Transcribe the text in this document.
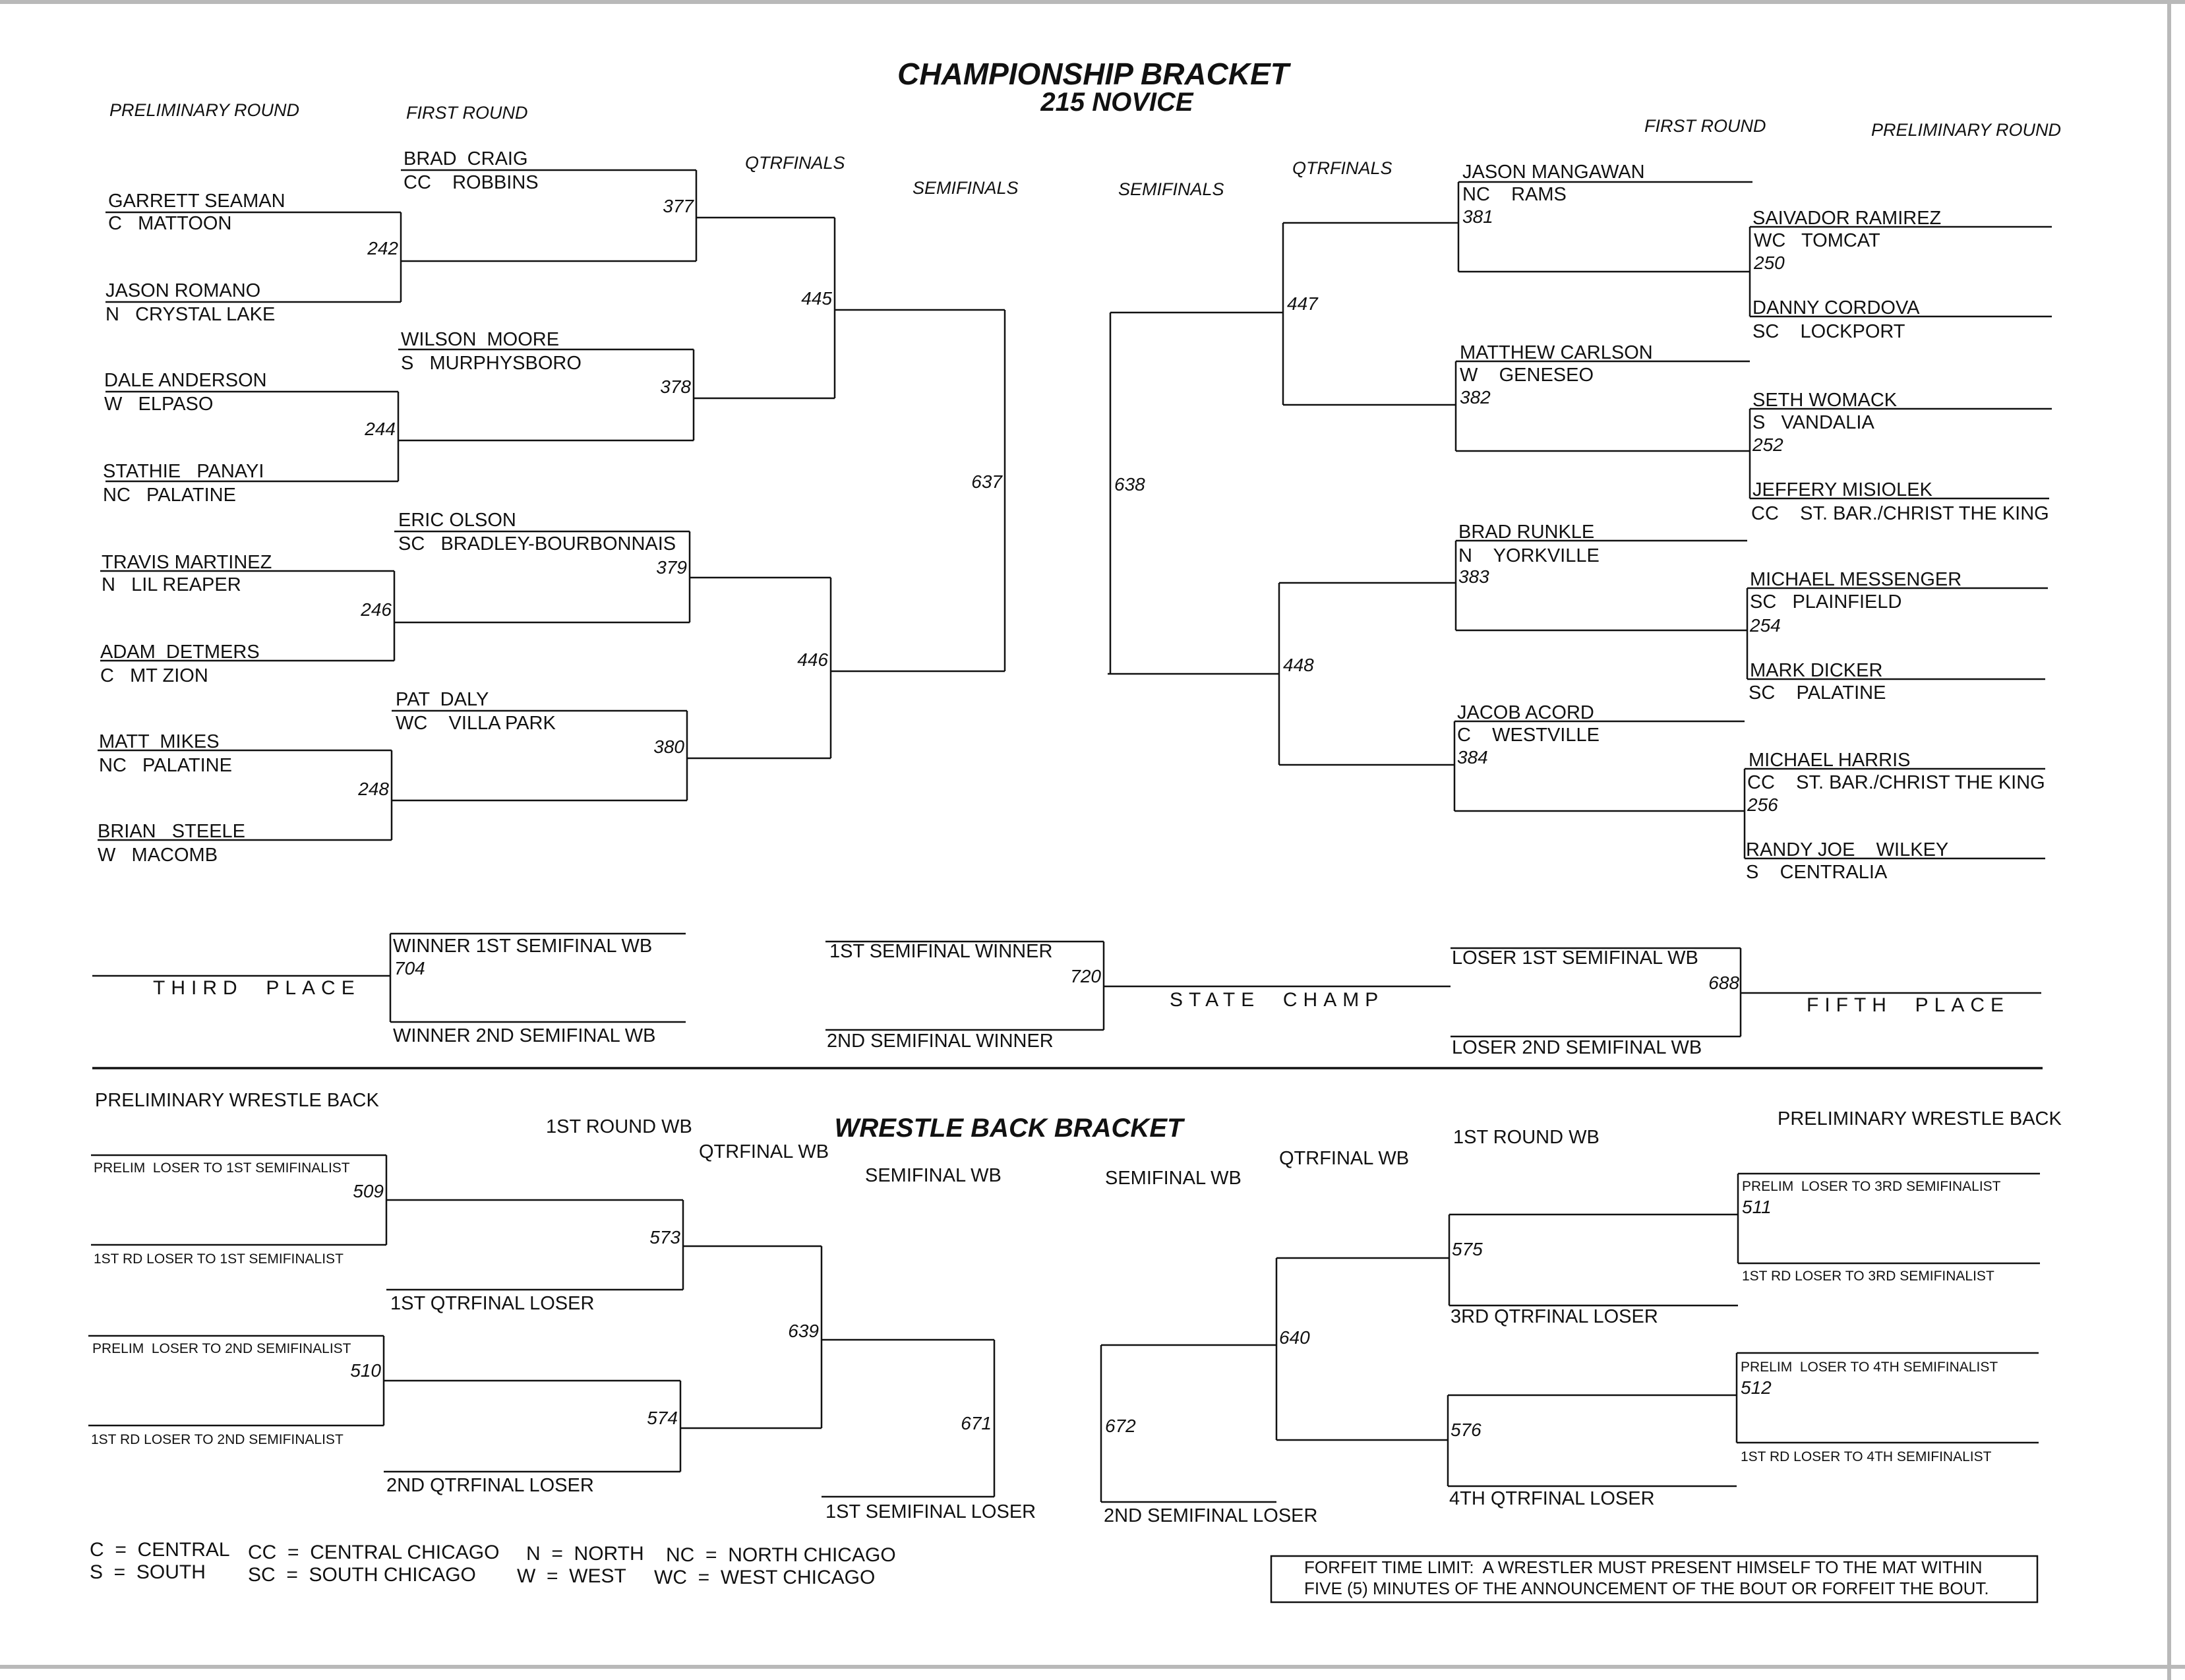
CHAMPIONSHIP BRACKET
215 NOVICE
PRELIMINARY ROUND	FIRST ROUND
QTRFINALS
SEMIFINALS	SEMIFINALS
QTRFINALS
FIRST ROUND	PRELIMINARY ROUND
GARRETT SEAMAN
C   MATTOON
JASON ROMANO
N   CRYSTAL LAKE
DALE ANDERSON
W   ELPASO
STATHIE   PANAYI
NC   PALATINE
TRAVIS MARTINEZ
N   LIL REAPER
ADAM  DETMERS
C   MT ZION
MATT  MIKES
NC   PALATINE
BRIAN   STEELE
W   MACOMB
242
244
246
248
BRAD  CRAIG
CC    ROBBINS
WILSON  MOORE
S   MURPHYSBORO
ERIC OLSON
SC   BRADLEY-BOURBONNAIS
PAT  DALY
WC    VILLA PARK
377
378
379
380
445
446
637	638
447
448
JASON MANGAWAN
NC    RAMS
381
MATTHEW CARLSON
W    GENESEO
382
BRAD RUNKLE
N    YORKVILLE
383
JACOB ACORD
C    WESTVILLE
384
SAIVADOR RAMIREZ
WC   TOMCAT
250
DANNY CORDOVA
SC    LOCKPORT
SETH WOMACK
S   VANDALIA
252
JEFFERY MISIOLEK
CC    ST. BAR./CHRIST THE KING
MICHAEL MESSENGER
SC   PLAINFIELD
254
MARK DICKER
SC    PALATINE
MICHAEL HARRIS
CC    ST. BAR./CHRIST THE KING
256
RANDY JOE    WILKEY
S    CENTRALIA
THIRD  PLACE
WINNER 1ST SEMIFINAL WB
704
WINNER 2ND SEMIFINAL WB
1ST SEMIFINAL WINNER
720
2ND SEMIFINAL WINNER
STATE  CHAMP
LOSER 1ST SEMIFINAL WB
688
LOSER 2ND SEMIFINAL WB
FIFTH  PLACE
WRESTLE BACK BRACKET
PRELIMINARY WRESTLE BACK
1ST ROUND WB
QTRFINAL WB
SEMIFINAL WB	SEMIFINAL WB
QTRFINAL WB
1ST ROUND WB
PRELIMINARY WRESTLE BACK
PRELIM  LOSER TO 1ST SEMIFINALIST
509
1ST RD LOSER TO 1ST SEMIFINALIST
PRELIM  LOSER TO 2ND SEMIFINALIST
510
1ST RD LOSER TO 2ND SEMIFINALIST
573
1ST QTRFINAL LOSER
574
2ND QTRFINAL LOSER
639
671
1ST SEMIFINAL LOSER
672
2ND SEMIFINAL LOSER
640
575
3RD QTRFINAL LOSER
576
4TH QTRFINAL LOSER
PRELIM  LOSER TO 3RD SEMIFINALIST
511
1ST RD LOSER TO 3RD SEMIFINALIST
PRELIM  LOSER TO 4TH SEMIFINALIST
512
1ST RD LOSER TO 4TH SEMIFINALIST
C  =  CENTRAL
S  =  SOUTH
CC  =  CENTRAL CHICAGO
SC  =  SOUTH CHICAGO
N  =  NORTH
W  =  WEST
NC  =  NORTH CHICAGO
WC  =  WEST CHICAGO	FORFEIT TIME LIMIT:  A WRESTLER MUST PRESENT HIMSELF TO THE MAT WITHIN
FIVE (5) MINUTES OF THE ANNOUNCEMENT OF THE BOUT OR FORFEIT THE BOUT.
